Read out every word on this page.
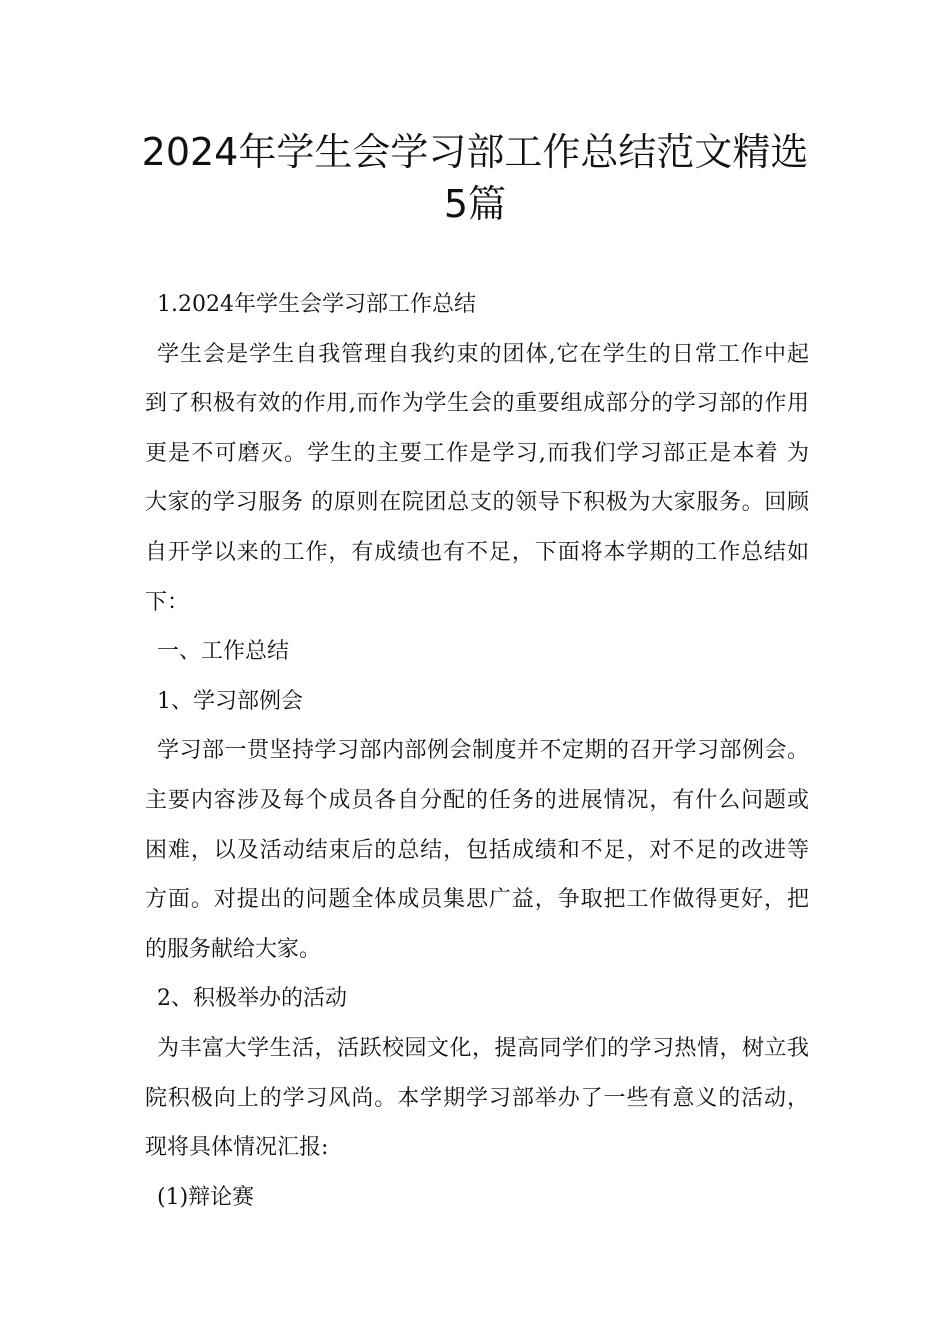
2024年学生会学习部工作总结范文精选
5篇
1.2024年学生会学习部工作总结
学生会是学生自我管理自我约束的团体,它在学生的日常工作中起
到了积极有效的作用,而作为学生会的重要组成部分的学习部的作用
更是不可磨灭。学生的主要工作是学习,而我们学习部正是本着 为
大家的学习服务 的原则在院团总支的领导下积极为大家服务。回顾
自开学以来的工作，有成绩也有不足，下面将本学期的工作总结如
下：
一、工作总结
1、学习部例会
学习部一贯坚持学习部内部例会制度并不定期的召开学习部例会。
主要内容涉及每个成员各自分配的任务的进展情况，有什么问题或
困难，以及活动结束后的总结，包括成绩和不足，对不足的改进等
方面。对提出的问题全体成员集思广益，争取把工作做得更好，把
的服务献给大家。
2、积极举办的活动
为丰富大学生活，活跃校园文化，提高同学们的学习热情，树立我
院积极向上的学习风尚。本学期学习部举办了一些有意义的活动，
现将具体情况汇报:
(1)辩论赛
